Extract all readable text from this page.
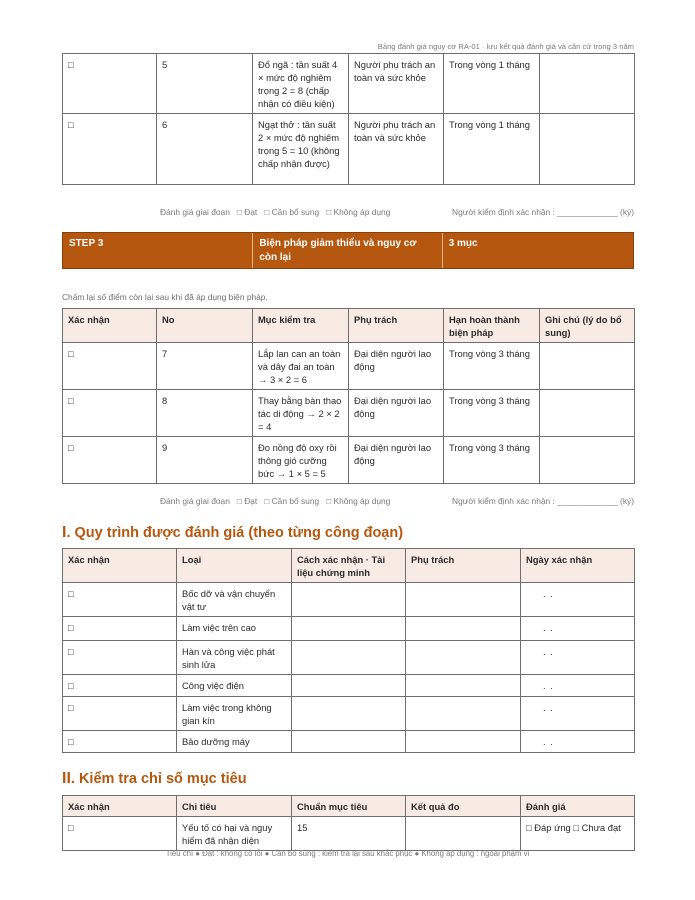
Bảng đánh giá nguy cơ RA-01 · lưu kết quả đánh giá và căn cứ trong 3 năm
□	5	Đổ ngã : tần suất 4 × mức độ nghiêm trọng 2 = 8 (chấp nhận có điều kiện)	Người phụ trách an toàn và sức khỏe	Trong vòng 1 tháng	
□	6	Ngạt thở : tần suất 2 × mức độ nghiêm trọng 5 = 10 (không chấp nhận được)	Người phụ trách an toàn và sức khỏe	Trong vòng 1 tháng	
Đánh giá giai đoạn □ Đạt □ Cần bổ sung □ Không áp dụng	Người kiểm định xác nhận : _____________ (ký)
STEP 3	Biện pháp giảm thiểu và nguy cơ còn lại
3 mục
Chấm lại số điểm còn lại sau khi đã áp dụng biện pháp.
Xác nhận	No	Mục kiểm tra	Phụ trách	Hạn hoàn thành biện pháp	Ghi chú (lý do bổ sung)
□	7	Lắp lan can an toàn và dây đai an toàn → 3 × 2 = 6	Đại diện người lao động	Trong vòng 3 tháng	
□	8	Thay bằng bàn thao tác di động → 2 × 2 = 4	Đại diện người lao động	Trong vòng 3 tháng	
□	9	Đo nồng độ oxy rồi thông gió cưỡng bức → 1 × 5 = 5	Đại diện người lao động	Trong vòng 3 tháng	
Đánh giá giai đoạn □ Đạt □ Cần bổ sung □ Không áp dụng	Người kiểm định xác nhận : _____________ (ký)
I. Quy trình được đánh giá (theo từng công đoạn)
Xác nhận	Loại	Cách xác nhận · Tài liệu chứng minh	Phụ trách	Ngày xác nhận
□	Bốc dỡ và vận chuyển vật tư			. .
□	Làm việc trên cao			. .
□	Hàn và công việc phát sinh lửa			. .
□	Công việc điện			. .
□	Làm việc trong không gian kín			. .
□	Bảo dưỡng máy			. .
II. Kiểm tra chỉ số mục tiêu
Xác nhận	Chỉ tiêu	Chuẩn mục tiêu	Kết quả đo	Đánh giá
□	Yếu tố có hại và nguy hiểm đã nhận diện	15		□ Đáp ứng □ Chưa đạt
Tiêu chí ● Đạt : không có lỗi ● Cần bổ sung : kiểm tra lại sau khắc phục ● Không áp dụng : ngoài phạm vi
